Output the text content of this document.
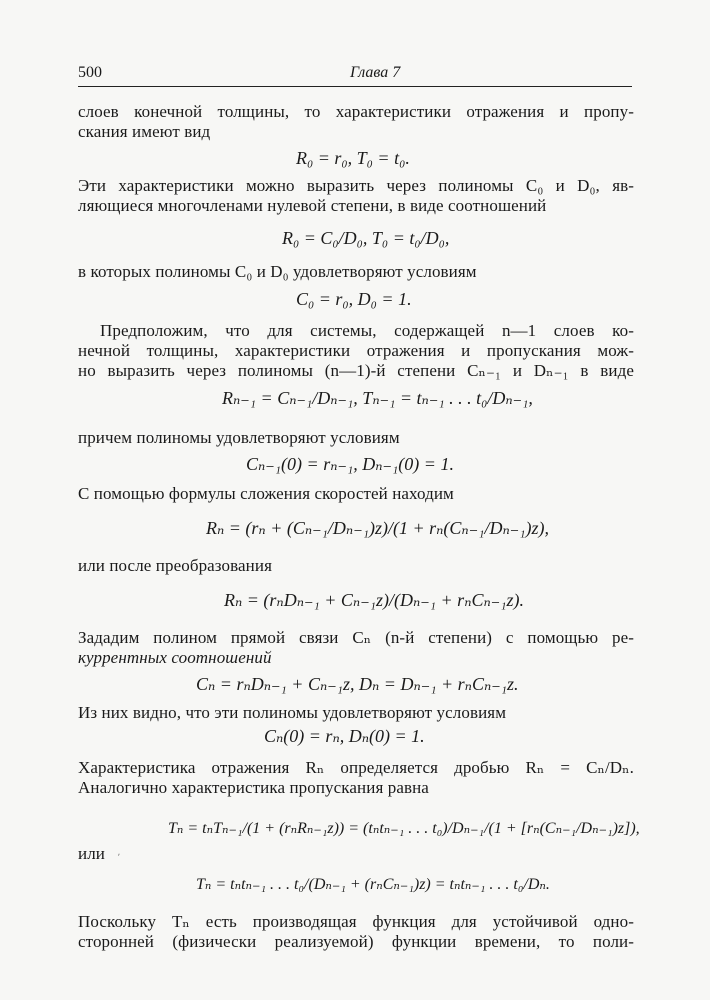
500	Глава 7
слоев конечной толщины, то характеристики отражения и пропу-
скания имеют вид
R₀ = r₀, T₀ = t₀.
Эти характеристики можно выразить через полиномы C₀ и D₀, яв-
ляющиеся многочленами нулевой степени, в виде соотношений
R₀ = C₀/D₀, T₀ = t₀/D₀,
в которых полиномы C₀ и D₀ удовлетворяют условиям
C₀ = r₀, D₀ = 1.
Предположим, что для системы, содержащей n—1 слоев ко-
нечной толщины, характеристики отражения и пропускания мож-
но выразить через полиномы (n—1)-й степени Cₙ₋₁ и Dₙ₋₁ в виде
Rₙ₋₁ = Cₙ₋₁/Dₙ₋₁, Tₙ₋₁ = tₙ₋₁ . . . t₀/Dₙ₋₁,
причем полиномы удовлетворяют условиям
Cₙ₋₁(0) = rₙ₋₁, Dₙ₋₁(0) = 1.
С помощью формулы сложения скоростей находим
Rₙ = (rₙ + (Cₙ₋₁/Dₙ₋₁)z)/(1 + rₙ(Cₙ₋₁/Dₙ₋₁)z),
или после преобразования
Rₙ = (rₙDₙ₋₁ + Cₙ₋₁z)/(Dₙ₋₁ + rₙCₙ₋₁z).
Зададим полином прямой связи Cₙ (n-й степени) с помощью ре-
куррентных соотношений
Cₙ = rₙDₙ₋₁ + Cₙ₋₁z, Dₙ = Dₙ₋₁ + rₙCₙ₋₁z.
Из них видно, что эти полиномы удовлетворяют условиям
Cₙ(0) = rₙ, Dₙ(0) = 1.
Характеристика отражения Rₙ определяется дробью Rₙ = Cₙ/Dₙ.
Аналогично характеристика пропускания равна
Tₙ = tₙTₙ₋₁/(1 + (rₙRₙ₋₁z)) = (tₙtₙ₋₁ . . . t₀)/Dₙ₋₁/(1 + [rₙ(Cₙ₋₁/Dₙ₋₁)z]),
или ʹ
Tₙ = tₙtₙ₋₁ . . . t₀/(Dₙ₋₁ + (rₙCₙ₋₁)z) = tₙtₙ₋₁ . . . t₀/Dₙ.
Поскольку Tₙ есть производящая функция для устойчивой одно-
сторонней (физически реализуемой) функции времени, то поли-
